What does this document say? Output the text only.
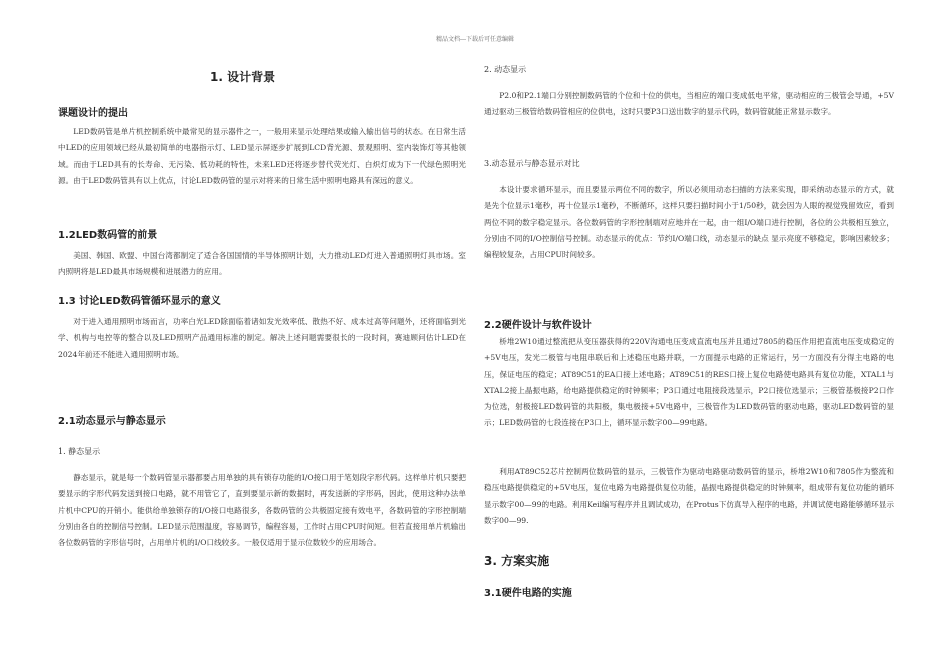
精品文档---下载后可任意编辑
1. 设计背景
课题设计的提出

LED数码管是单片机控制系统中最常见的显示器件之一，一般用来显示处理结果或输入输出信号的状态。在日常生活中LED的应用领域已经从最初简单的电器指示灯、LED显示屏逐步扩展到LCD背光源、景观照明、室内装饰灯等其他领域。而由于LED具有的长寿命、无污染、低功耗的特性，未来LED还将逐步替代荧光灯、白炽灯成为下一代绿色照明光源。由于LED数码管具有以上优点，讨论LED数码管的显示对将来的日常生活中照明电路具有深远的意义。

1.2LED数码管的前景

美国、韩国、欧盟、中国台湾都制定了适合各国国情的半导体照明计划，大力推动LED灯进入普通照明灯具市场。室内照明将是LED最具市场规模和进展潜力的应用。

1.3 讨论LED数码管循环显示的意义

对于进入通用照明市场而言，功率白光LED除面临着诸如发光效率低、散热不好、成本过高等问题外，还将面临到光学、机构与电控等的整合以及LED照明产品通用标准的制定。解决上述问题需要很长的一段时间，赛迪顾问估计LED在2024年前还不能进入通用照明市场。

2.1动态显示与静态显示
1. 静态显示

静态显示，就是每一个数码管显示器都要占用单独的具有锁存功能的I/O接口用于笔划段字形代码。这样单片机只要把要显示的字形代码发送到接口电路，就不用管它了，直到要显示新的数据时，再发送新的字形码，因此，使用这种办法单片机中CPU的开销小。能供给单独锁存的I/O接口电路很多，各数码管的公共极固定接有效电平，各数码管的字形控制端分别由各自的控制信号控制。LED显示范围温度，容易调节，编程容易，工作时占用CPU时间短。但若直接用单片机输出各位数码管的字形信号时，占用单片机的I/O口线较多。一般仅适用于显示位数较少的应用场合。

2. 动态显示

P2.0和P2.1端口分别控制数码管的个位和十位的供电，当相应的端口变成低电平常，驱动相应的三极管会导通，+5V通过驱动三极管给数码管相应的位供电，这时只要P3口送出数字的显示代码，数码管就能正常显示数字。

3.动态显示与静态显示对比

本设计要求循环显示，而且要显示两位不同的数字，所以必须用动态扫描的方法来实现，即采纳动态显示的方式，就是先个位显示1毫秒，再十位显示1毫秒，不断循环，这样只要扫描时间小于1/50秒，就会因为人眼的视觉残留效应，看到两位不同的数字稳定显示。各位数码管的字形控制端对应地并在一起，由一组I/O端口进行控制，各位的公共极相互独立，分别由不同的I/O控制信号控制。动态显示的优点：节约I/O端口线，动态显示的缺点 显示亮度不够稳定，影响因素较多；编程较复杂，占用CPU时间较多。

2.2硬件设计与软件设计

桥堆2W10通过整流把从变压器获得的220V沟通电压变成直流电压并且通过7805的稳压作用把直流电压变成稳定的+5V电压，发光二极管与电阻串联后和上述稳压电路并联，一方面提示电路的正常运行，另一方面没有分得主电路的电压，保证电压的稳定；AT89C51的EA口接上述电路；AT89C51的RES口接上复位电路使电路具有复位功能，XTAL1与XTAL2接上晶振电路，给电路提供稳定的时钟频率；P3口通过电阻接段选显示，P2口接位选显示；三极管基极接P2口作为位选，射极接LED数码管的共阳极，集电极接+5V电路中，三极管作为LED数码管的驱动电路，驱动LED数码管的显示；LED数码管的七段连接在P3口上，循环显示数字00—99电路。

利用AT89C52芯片控制两位数码管的显示，三极管作为驱动电路驱动数码管的显示，桥堆2W10和7805作为整流和稳压电路提供稳定的+5V电压，复位电路为电路提供复位功能，晶振电路提供稳定的时钟频率，组成带有复位功能的循环显示数字00—99的电路。利用Keil编写程序并且调试成功，在Protus下仿真导入程序的电路，并调试使电路能够循环显示数字00—99.

3. 方案实施
3.1硬件电路的实施
